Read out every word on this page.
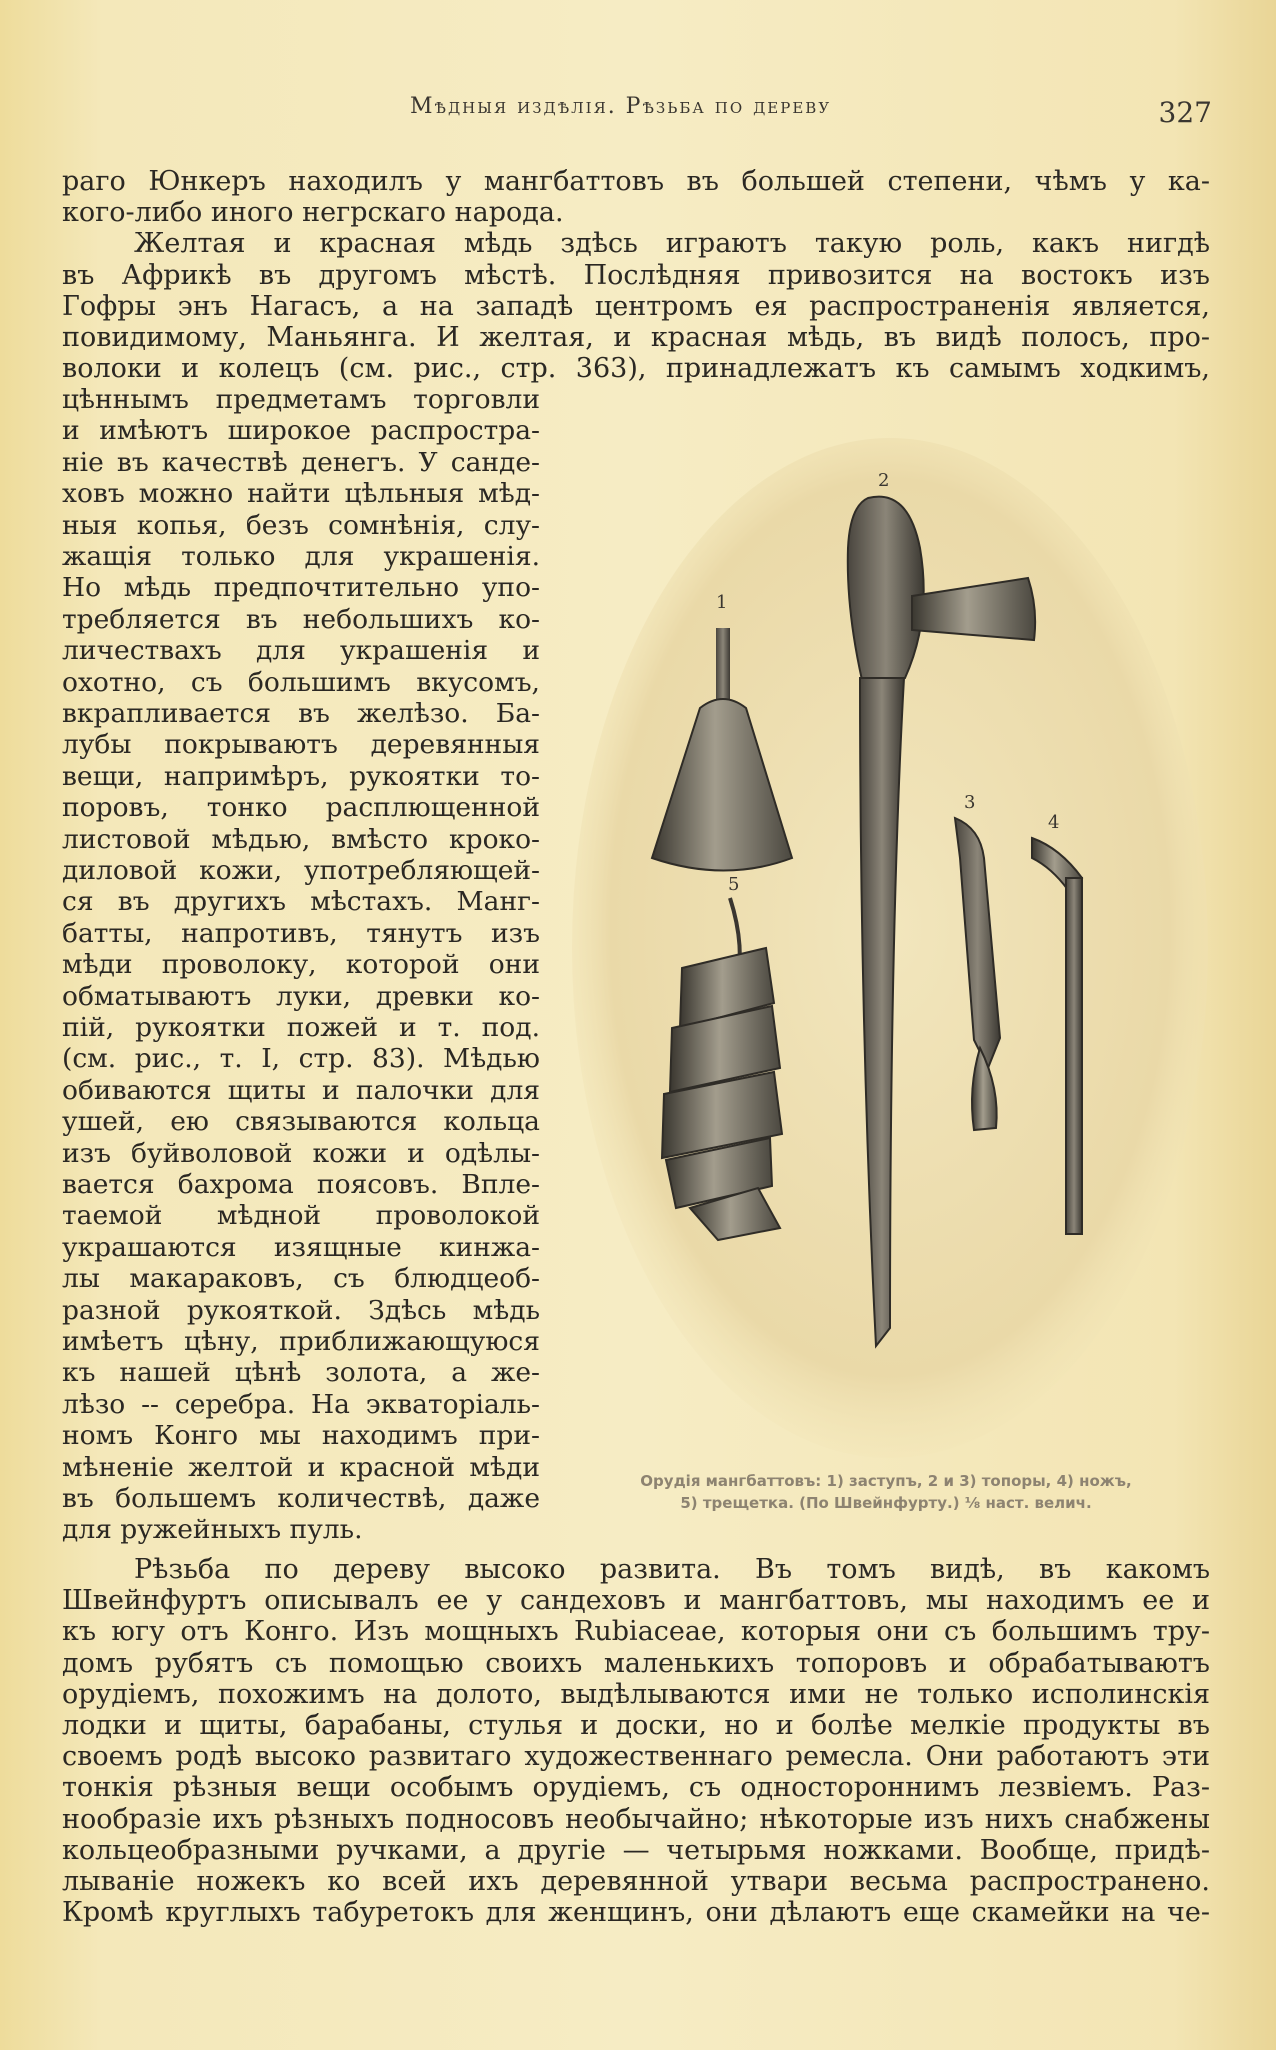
Мѣдныя издѣлія. Рѣзьба по дереву	327
раго Юнкеръ находилъ у мангбаттовъ въ большей степени, чѣмъ у ка-
кого-либо иного негрскаго народа.
Желтая и красная мѣдь здѣсь играютъ такую роль, какъ нигдѣ
въ Африкѣ въ другомъ мѣстѣ. Послѣдняя привозится на востокъ изъ
Гофры энъ Нагасъ, а на западѣ центромъ ея распространенія является,
повидимому, Маньянга. И желтая, и красная мѣдь, въ видѣ полосъ, про-
волоки и колецъ (см. рис., стр. 363), принадлежатъ къ самымъ ходкимъ,
цѣннымъ предметамъ торговли
и имѣютъ широкое распростра-
ніе въ качествѣ денегъ. У санде-
ховъ можно найти цѣльныя мѣд-
ныя копья, безъ сомнѣнія, слу-
жащія только для украшенія.
Но мѣдь предпочтительно упо-
требляется въ небольшихъ ко-
личествахъ для украшенія и
охотно, съ большимъ вкусомъ,
вкрапливается въ желѣзо. Ба-
лубы покрываютъ деревянныя
вещи, напримѣръ, рукоятки то-
поровъ, тонко расплющенной
листовой мѣдью, вмѣсто кроко-
диловой кожи, употребляющей-
ся въ другихъ мѣстахъ. Манг-
батты, напротивъ, тянутъ изъ
мѣди проволоку, которой они
обматываютъ луки, древки ко-
пій, рукоятки пожей и т. под.
(см. рис., т. I, стр. 83). Мѣдью
обиваются щиты и палочки для
ушей, ею связываются кольца
изъ буйволовой кожи и одѣлы-
вается бахрома поясовъ. Впле-
таемой мѣдной проволокой
украшаются изящные кинжа-
лы макараковъ, съ блюдцеоб-
разной рукояткой. Здѣсь мѣдь
имѣетъ цѣну, приближающуюся
къ нашей цѣнѣ золота, а же-
лѣзо -- серебра. На экваторіаль-
номъ Конго мы находимъ при-
мѣненіе желтой и красной мѣди
въ большемъ количествѣ, даже
для ружейныхъ пуль.
Рѣзьба по дереву высоко развита. Въ томъ видѣ, въ какомъ
Швейнфуртъ описывалъ ее у сандеховъ и мангбаттовъ, мы находимъ ее и
къ югу отъ Конго. Изъ мощныхъ Rubiaceae, которыя они съ большимъ тру-
домъ рубятъ съ помощью своихъ маленькихъ топоровъ и обрабатываютъ
орудіемъ, похожимъ на долото, выдѣлываются ими не только исполинскія
лодки и щиты, барабаны, стулья и доски, но и болѣе мелкіе продукты въ
своемъ родѣ высоко развитаго художественнаго ремесла. Они работаютъ эти
тонкія рѣзныя вещи особымъ орудіемъ, съ одностороннимъ лезвіемъ. Раз-
нообразіе ихъ рѣзныхъ подносовъ необычайно; нѣкоторые изъ нихъ снабжены
кольцеобразными ручками, а другіе — четырьмя ножками. Вообще, придѣ-
лываніе ножекъ ко всей ихъ деревянной утвари весьма распространено.
Кромѣ круглыхъ табуретокъ для женщинъ, они дѣлаютъ еще скамейки на че-
1
2
3
4
5
Орудія мангбаттовъ: 1) заступъ, 2 и 3) топоры, 4) ножъ,
5) трещетка. (По Швейнфурту.) ⅛ наст. велич.
